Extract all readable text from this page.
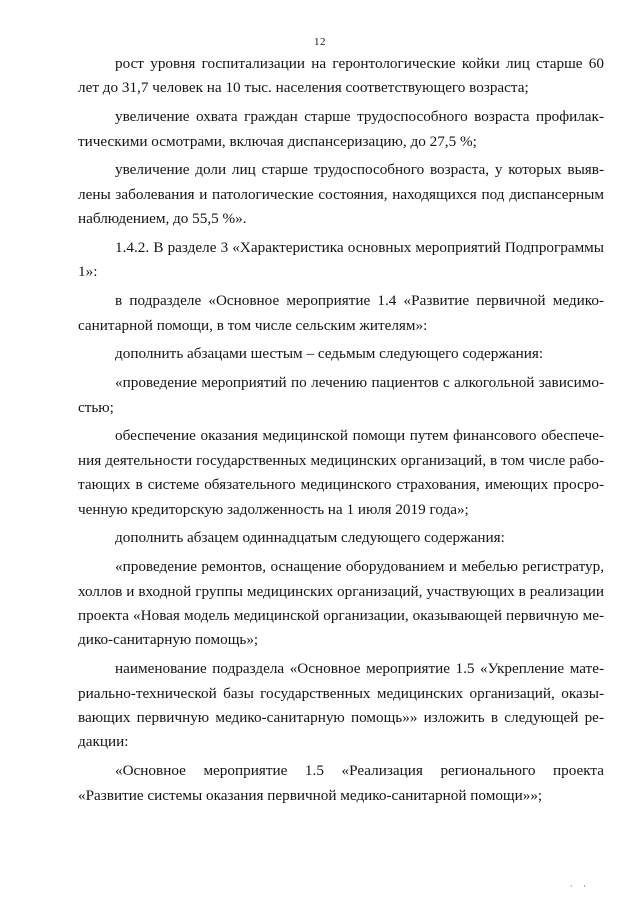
12

рост уровня госпитализации на геронтологические койки лиц старше 60 лет до 31,7 человек на 10 тыс. населения соответствующего возраста;

увеличение охвата граждан старше трудоспособного возраста профилактическими осмотрами, включая диспансеризацию, до 27,5 %;

увеличение доли лиц старше трудоспособного возраста, у которых выявлены заболевания и патологические состояния, находящихся под диспансерным наблюдением, до 55,5 %».

1.4.2. В разделе 3 «Характеристика основных мероприятий Подпрограммы 1»:

в подразделе «Основное мероприятие 1.4 «Развитие первичной медико-санитарной помощи, в том числе сельским жителям»:

дополнить абзацами шестым – седьмым следующего содержания:

«проведение мероприятий по лечению пациентов с алкогольной зависимостью;

обеспечение оказания медицинской помощи путем финансового обеспечения деятельности государственных медицинских организаций, в том числе работающих в системе обязательного медицинского страхования, имеющих просроченную кредиторскую задолженность на 1 июля 2019 года»;

дополнить абзацем одиннадцатым следующего содержания:

«проведение ремонтов, оснащение оборудованием и мебелью регистратур, холлов и входной группы медицинских организаций, участвующих в реализации проекта «Новая модель медицинской организации, оказывающей первичную медико-санитарную помощь»;

наименование подраздела «Основное мероприятие 1.5 «Укрепление материально-технической базы государственных медицинских организаций, оказывающих первичную медико-санитарную помощь»» изложить в следующей редакции:

«Основное мероприятие 1.5 «Реализация регионального проекта «Развитие системы оказания первичной медико-санитарной помощи»»;

· ·
